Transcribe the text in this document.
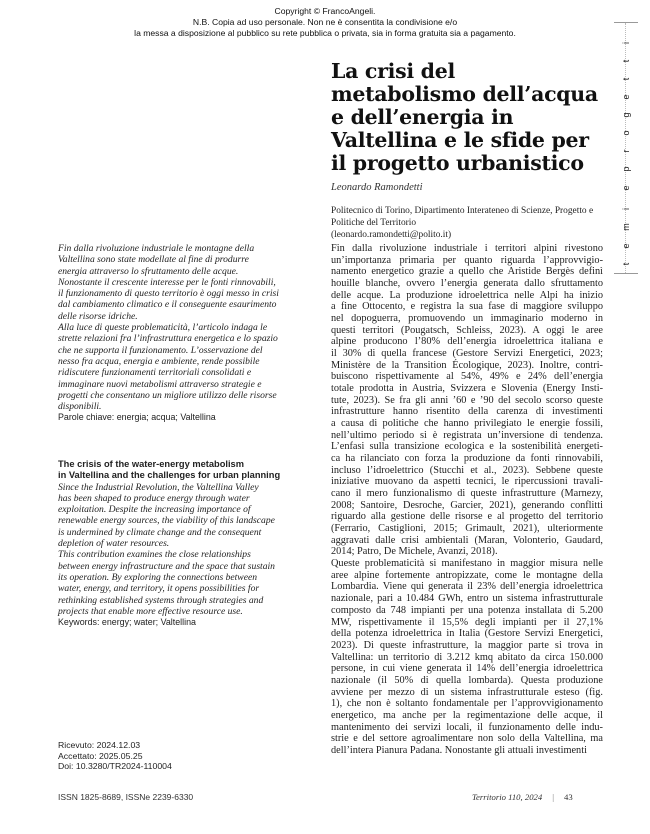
Copyright © FrancoAngeli.
N.B. Copia ad uso personale. Non ne è consentita la condivisione e/o
la messa a disposizione al pubblico su rete pubblica o privata, sia in forma gratuita sia a pagamento.
t
e
m
i
e
p
r
o
g
e
t
t
i
La crisi del
metabolismo dell’acqua
e dell’energia in
Valtellina e le sfide per
il progetto urbanistico
Leonardo Ramondetti
Politecnico di Torino, Dipartimento Interateneo di Scienze, Progetto e
Politiche del Territorio
(leonardo.ramondetti@polito.it)
Fin dalla rivoluzione industriale le montagne della
Valtellina sono state modellate al fine di produrre
energia attraverso lo sfruttamento delle acque.
Nonostante il crescente interesse per le fonti rinnovabili,
il funzionamento di questo territorio è oggi messo in crisi
dal cambiamento climatico e il conseguente esaurimento
delle risorse idriche.
Alla luce di queste problematicità, l’articolo indaga le
strette relazioni fra l’infrastruttura energetica e lo spazio
che ne supporta il funzionamento. L’osservazione del
nesso fra acqua, energia e ambiente, rende possibile
ridiscutere funzionamenti territoriali consolidati e
immaginare nuovi metabolismi attraverso strategie e
progetti che consentano un migliore utilizzo delle risorse
disponibili.
Parole chiave: energia; acqua; Valtellina
The crisis of the water-energy metabolism
in Valtellina and the challenges for urban planning
Since the Industrial Revolution, the Valtellina Valley
has been shaped to produce energy through water
exploitation. Despite the increasing importance of
renewable energy sources, the viability of this landscape
is undermined by climate change and the consequent
depletion of water resources.
This contribution examines the close relationships
between energy infrastructure and the space that sustain
its operation. By exploring the connections between
water, energy, and territory, it opens possibilities for
rethinking established systems through strategies and
projects that enable more effective resource use.
Keywords: energy; water; Valtellina
Ricevuto: 2024.12.03
Accettato: 2025.05.25
Doi: 10.3280/TR2024-110004
Fin dalla rivoluzione industriale i territori alpini rivestono
un’importanza primaria per quanto riguarda l’approvvigio-
namento energetico grazie a quello che Aristide Bergès definì
houille blanche, ovvero l’energia generata dallo sfruttamento
delle acque. La produzione idroelettrica nelle Alpi ha inizio
a fine Ottocento, e registra la sua fase di maggiore sviluppo
nel dopoguerra, promuovendo un immaginario moderno in
questi territori (Pougatsch, Schleiss, 2023). A oggi le aree
alpine producono l’80% dell’energia idroelettrica italiana e
il 30% di quella francese (Gestore Servizi Energetici, 2023;
Ministère de la Transition Écologique, 2023). Inoltre, contri-
buiscono rispettivamente al 54%, 49% e 24% dell’energia
totale prodotta in Austria, Svizzera e Slovenia (Energy Insti-
tute, 2023). Se fra gli anni ’60 e ’90 del secolo scorso queste
infrastrutture hanno risentito della carenza di investimenti
a causa di politiche che hanno privilegiato le energie fossili,
nell’ultimo periodo si è registrata un’inversione di tendenza.
L’enfasi sulla transizione ecologica e la sostenibilità energeti-
ca ha rilanciato con forza la produzione da fonti rinnovabili,
incluso l’idroelettrico (Stucchi et al., 2023). Sebbene queste
iniziative muovano da aspetti tecnici, le ripercussioni travali-
cano il mero funzionalismo di queste infrastrutture (Marnezy,
2008; Santoire, Desroche, Garcier, 2021), generando conflitti
riguardo alla gestione delle risorse e al progetto del territorio
(Ferrario, Castiglioni, 2015; Grimault, 2021), ulteriormente
aggravati dalle crisi ambientali (Maran, Volonterio, Gaudard,
2014; Patro, De Michele, Avanzi, 2018).
Queste problematicità si manifestano in maggior misura nelle
aree alpine fortemente antropizzate, come le montagne della
Lombardia. Viene qui generata il 23% dell’energia idroelettrica
nazionale, pari a 10.484 GWh, entro un sistema infrastrutturale
composto da 748 impianti per una potenza installata di 5.200
MW, rispettivamente il 15,5% degli impianti per il 27,1%
della potenza idroelettrica in Italia (Gestore Servizi Energetici,
2023). Di queste infrastrutture, la maggior parte si trova in
Valtellina: un territorio di 3.212 kmq abitato da circa 150.000
persone, in cui viene generata il 14% dell’energia idroelettrica
nazionale (il 50% di quella lombarda). Questa produzione
avviene per mezzo di un sistema infrastrutturale esteso (fig.
1), che non è soltanto fondamentale per l’approvvigionamento
energetico, ma anche per la regimentazione delle acque, il
mantenimento dei servizi locali, il funzionamento delle indu-
strie e del settore agroalimentare non solo della Valtellina, ma
dell’intera Pianura Padana. Nonostante gli attuali investimenti
ISSN 1825-8689, ISSNe 2239-6330	Territorio 110, 2024 | 43
